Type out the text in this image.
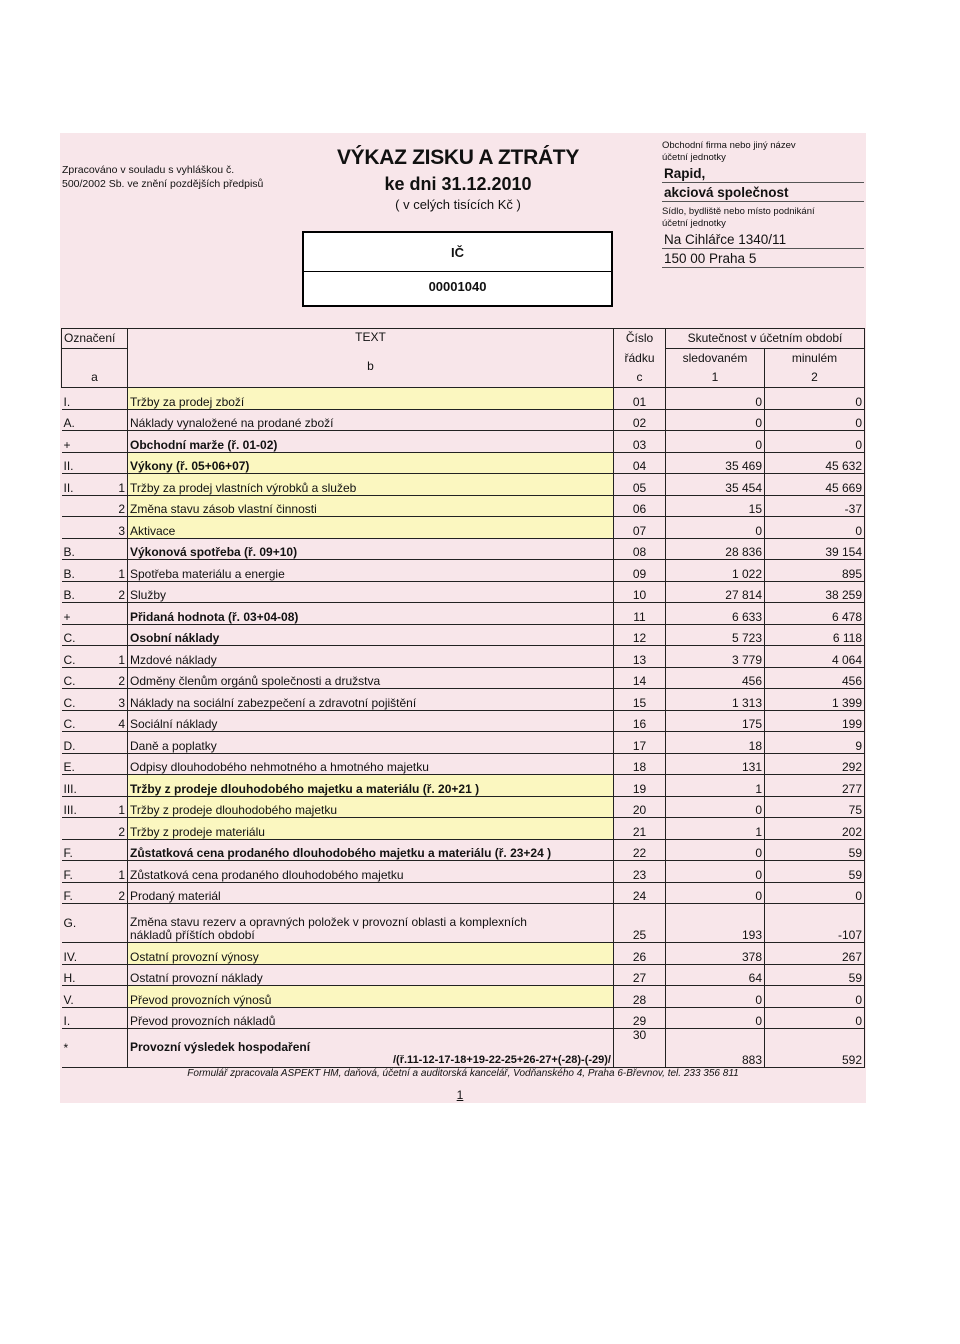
Zpracováno v souladu s vyhláškou č.
500/2002 Sb. ve znění pozdějších předpisů
VÝKAZ ZISKU A ZTRÁTY
ke dni 31.12.2010
( v celých tisících Kč )
IČ
00001040
Obchodní firma nebo jiný název
účetní jednotky
Rapid,
akciová společnost
Sídlo, bydliště nebo místo podnikání
účetní jednotky
Na Cihlářce 1340/11
150 00 Praha 5
Označení		TEXT
b	Číslo	Skutečnost v účetním období	
			řádku	sledovaném	minulém
a			c	1	2
I.		Tržby za prodej zboží	01	0	0
A.		Náklady vynaložené na prodané zboží	02	0	0
+		Obchodní marže (ř. 01-02)	03	0	0
II.		Výkony (ř. 05+06+07)	04	35 469	45 632
II.	1	Tržby za prodej vlastních výrobků a služeb	05	35 454	45 669
	2	Změna stavu zásob vlastní činnosti	06	15	-37
	3	Aktivace	07	0	0
B.		Výkonová spotřeba (ř. 09+10)	08	28 836	39 154
B.	1	Spotřeba materiálu a energie	09	1 022	895
B.	2	Služby	10	27 814	38 259
+		Přidaná hodnota (ř. 03+04-08)	11	6 633	6 478
C.		Osobní náklady	12	5 723	6 118
C.	1	Mzdové náklady	13	3 779	4 064
C.	2	Odměny členům orgánů společnosti a družstva	14	456	456
C.	3	Náklady na sociální zabezpečení a zdravotní pojištění	15	1 313	1 399
C.	4	Sociální náklady	16	175	199
D.		Daně a poplatky	17	18	9
E.		Odpisy dlouhodobého nehmotného a hmotného majetku	18	131	292
III.		Tržby z prodeje dlouhodobého majetku a materiálu (ř. 20+21 )	19	1	277
III.	1	Tržby z prodeje dlouhodobého majetku	20	0	75
	2	Tržby z prodeje materiálu	21	1	202
F.		Zůstatková cena prodaného dlouhodobého majetku a materiálu (ř. 23+24 )	22	0	59
F.	1	Zůstatková cena prodaného dlouhodobého majetku	23	0	59
F.	2	Prodaný materiál	24	0	0
G.		Změna stavu rezerv a opravných položek v provozní oblasti a komplexních
nákladů příštích období	25	193	-107
IV.		Ostatní provozní výnosy	26	378	267
H.		Ostatní provozní náklady	27	64	59
V.		Převod provozních výnosů	28	0	0
I.		Převod provozních nákladů	29	0	0
*		Provozní výsledek hospodaření
/(ř.11-12-17-18+19-22-25+26-27+(-28)-(-29)/	30	883	592
Formulář zpracovala ASPEKT HM, daňová, účetní a auditorská kancelář, Vodňanského 4, Praha 6-Břevnov, tel. 233 356 811
1
